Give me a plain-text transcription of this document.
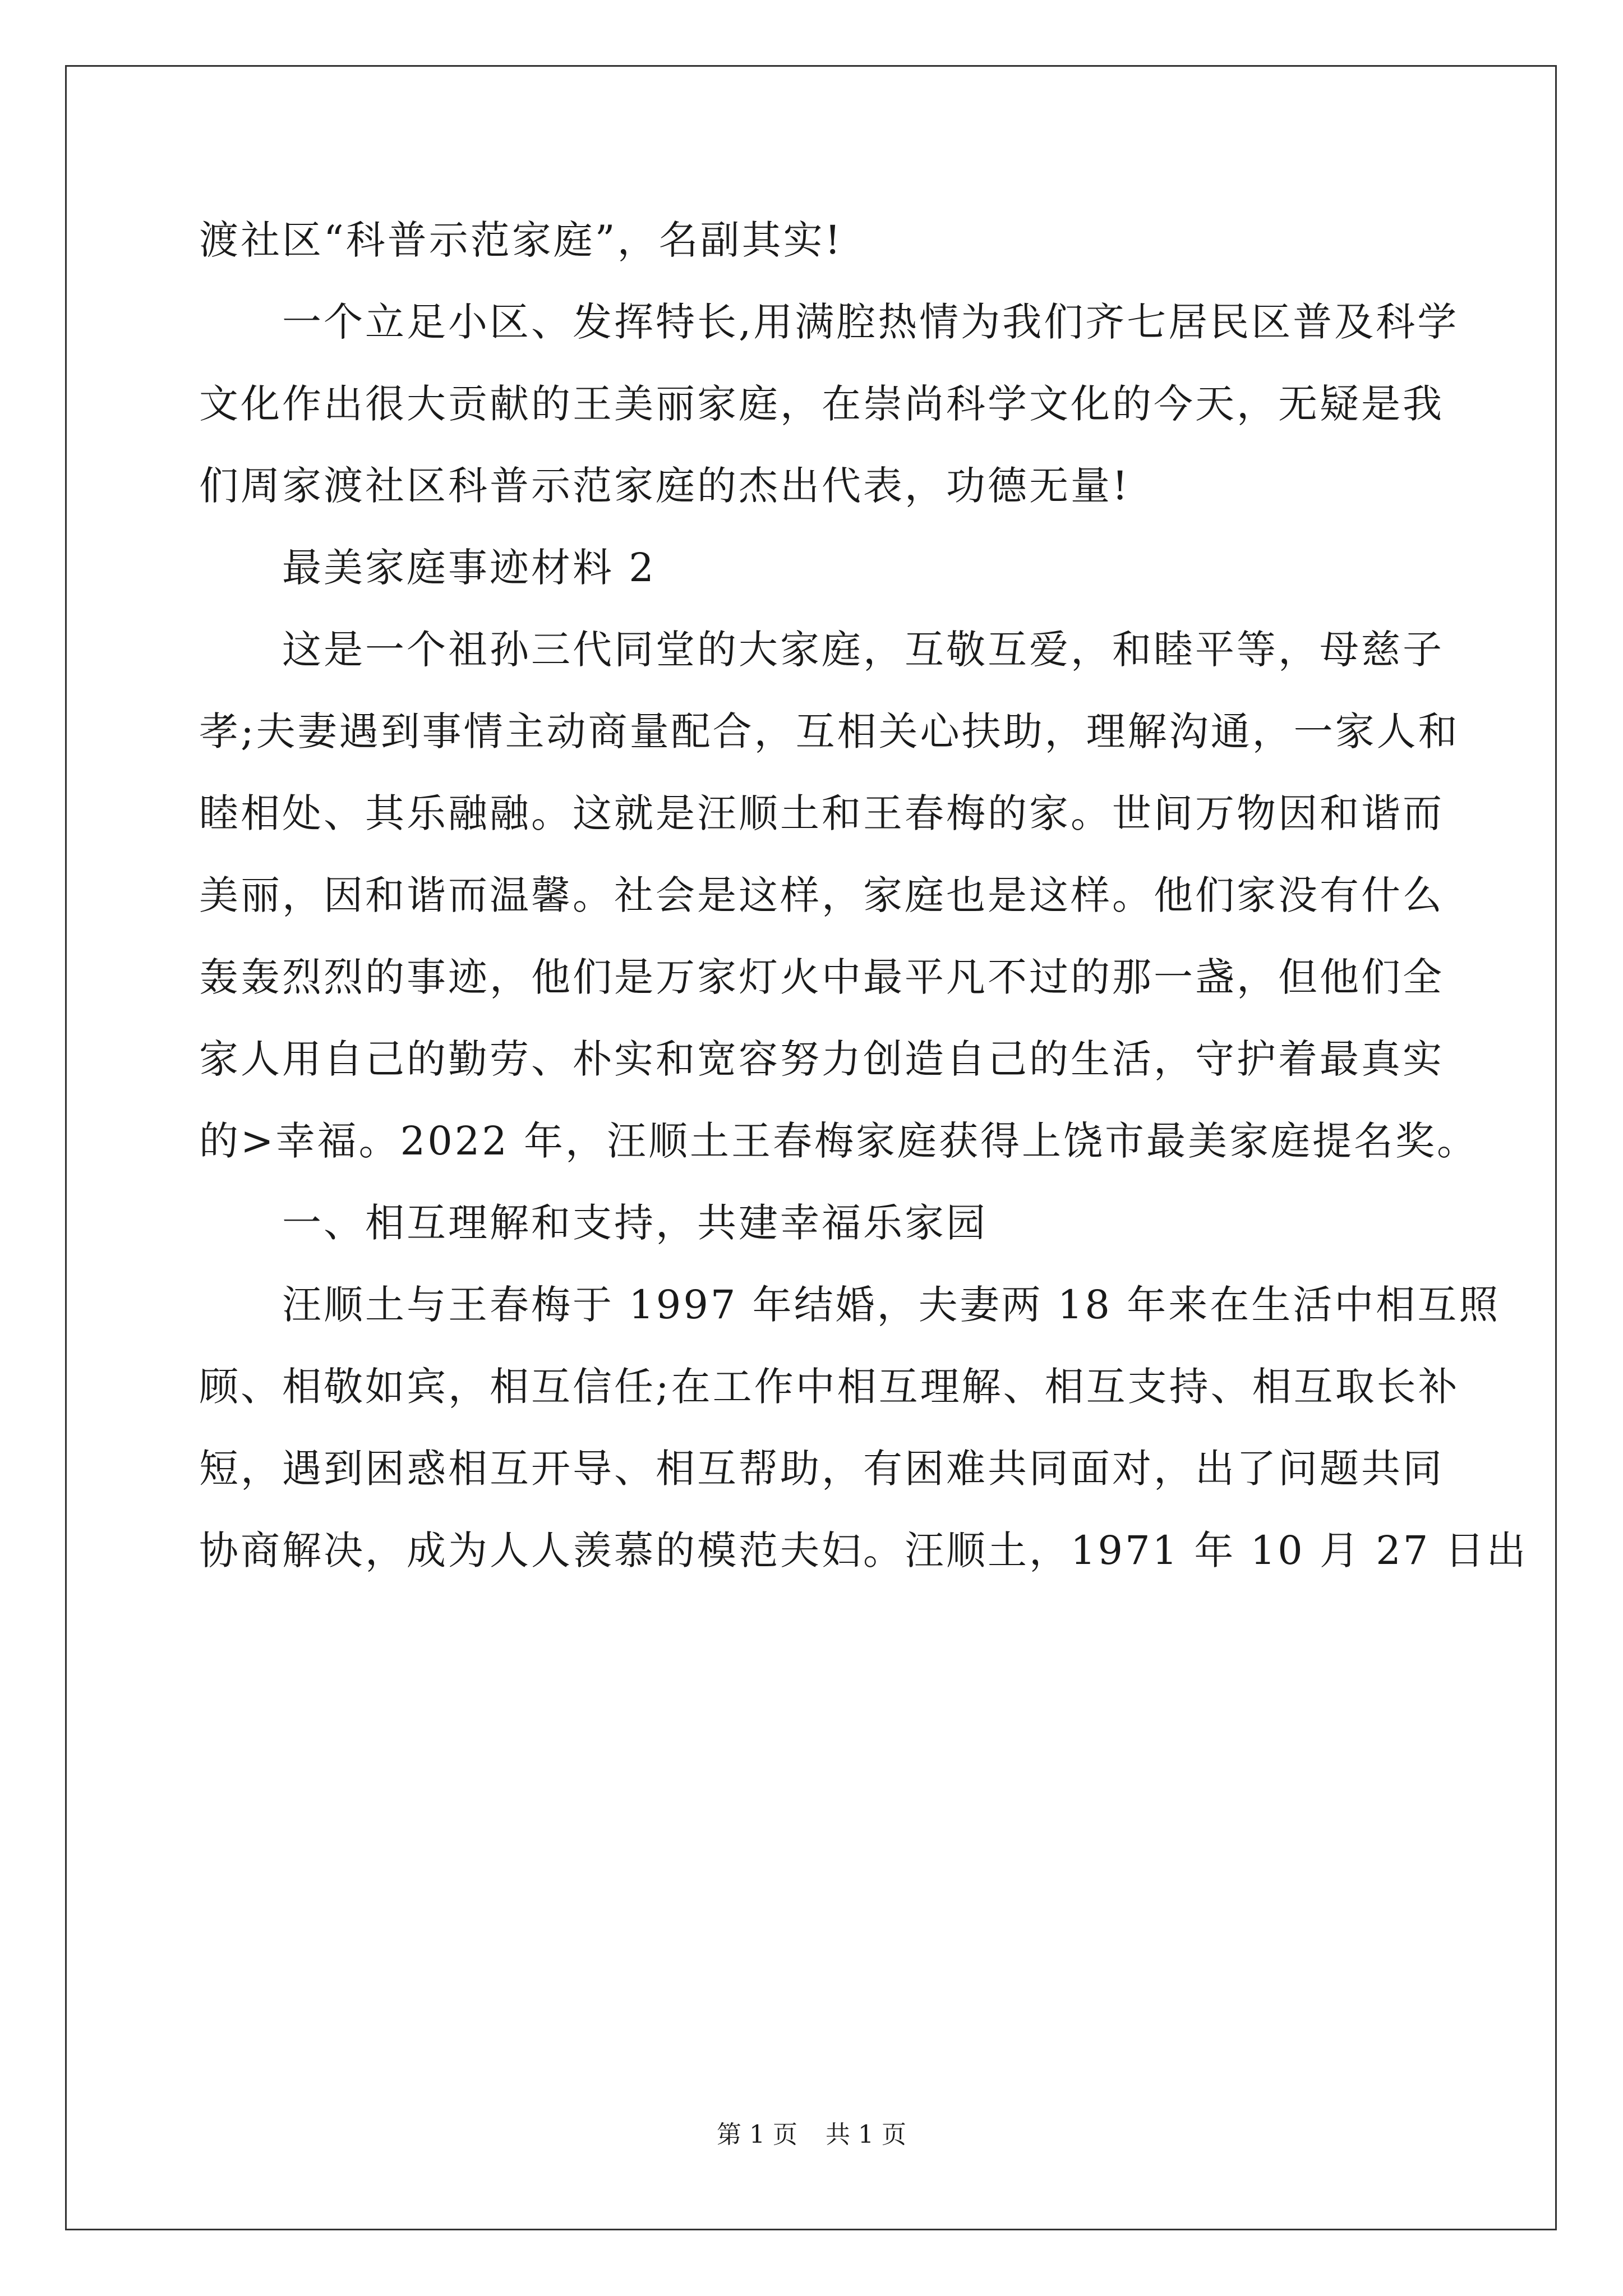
渡社区“科普示范家庭”，名副其实!
一个立足小区、发挥特长,用满腔热情为我们齐七居民区普及科学
文化作出很大贡献的王美丽家庭，在崇尚科学文化的今天，无疑是我
们周家渡社区科普示范家庭的杰出代表，功德无量!
最美家庭事迹材料 2
这是一个祖孙三代同堂的大家庭，互敬互爱，和睦平等，母慈子
孝;夫妻遇到事情主动商量配合，互相关心扶助，理解沟通，一家人和
睦相处、其乐融融。这就是汪顺土和王春梅的家。世间万物因和谐而
美丽，因和谐而温馨。社会是这样，家庭也是这样。他们家没有什么
轰轰烈烈的事迹，他们是万家灯火中最平凡不过的那一盏，但他们全
家人用自己的勤劳、朴实和宽容努力创造自己的生活，守护着最真实
的>幸福。2022 年，汪顺土王春梅家庭获得上饶市最美家庭提名奖。
一、相互理解和支持，共建幸福乐家园
汪顺土与王春梅于 1997 年结婚，夫妻两 18 年来在生活中相互照
顾、相敬如宾，相互信任;在工作中相互理解、相互支持、相互取长补
短，遇到困惑相互开导、相互帮助，有困难共同面对，出了问题共同
协商解决，成为人人羡慕的模范夫妇。汪顺土，1971 年 10 月 27 日出
第 1 页 共 1 页
